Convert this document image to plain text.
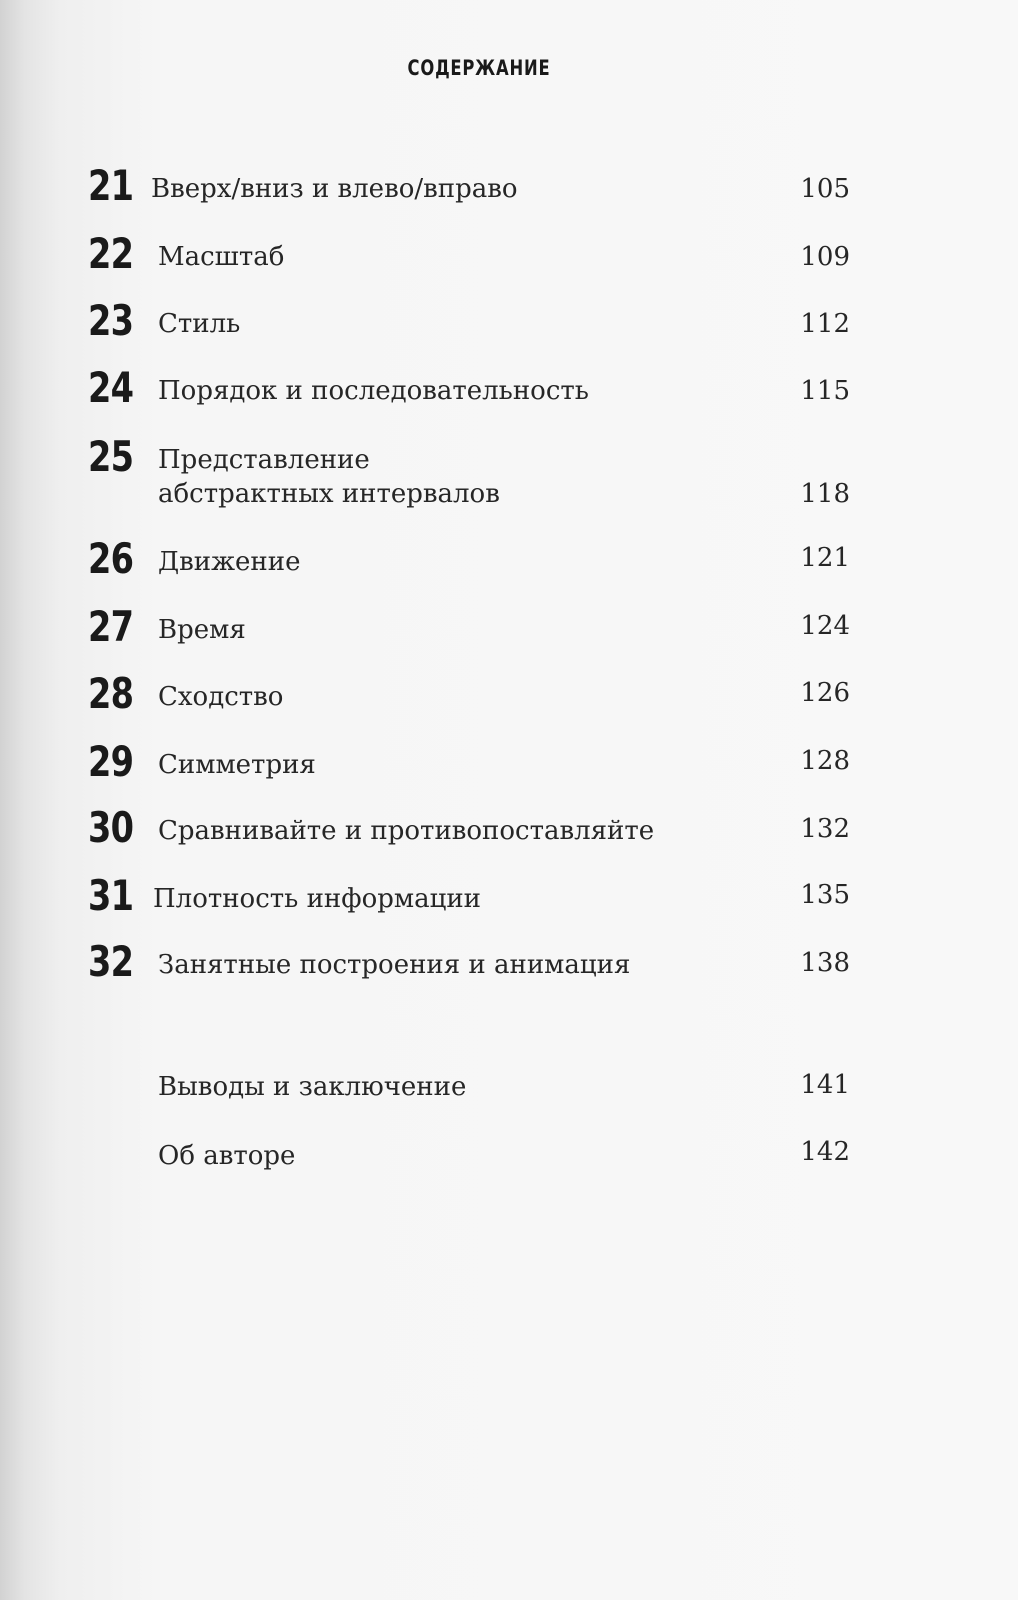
СОДЕРЖАНИЕ
21 Вверх/вниз и влево/вправо	105
22 Масштаб	109
23 Стиль	112
24 Порядок и последовательность	115
25 Представление
абстрактных интервалов	118
26 Движение	121
27 Время	124
28 Сходство	126
29 Симметрия	128
30 Сравнивайте и противопоставляйте	132
31 Плотность информации	135
32 Занятные построения и анимация	138
Выводы и заключение	141
Об авторе	142
